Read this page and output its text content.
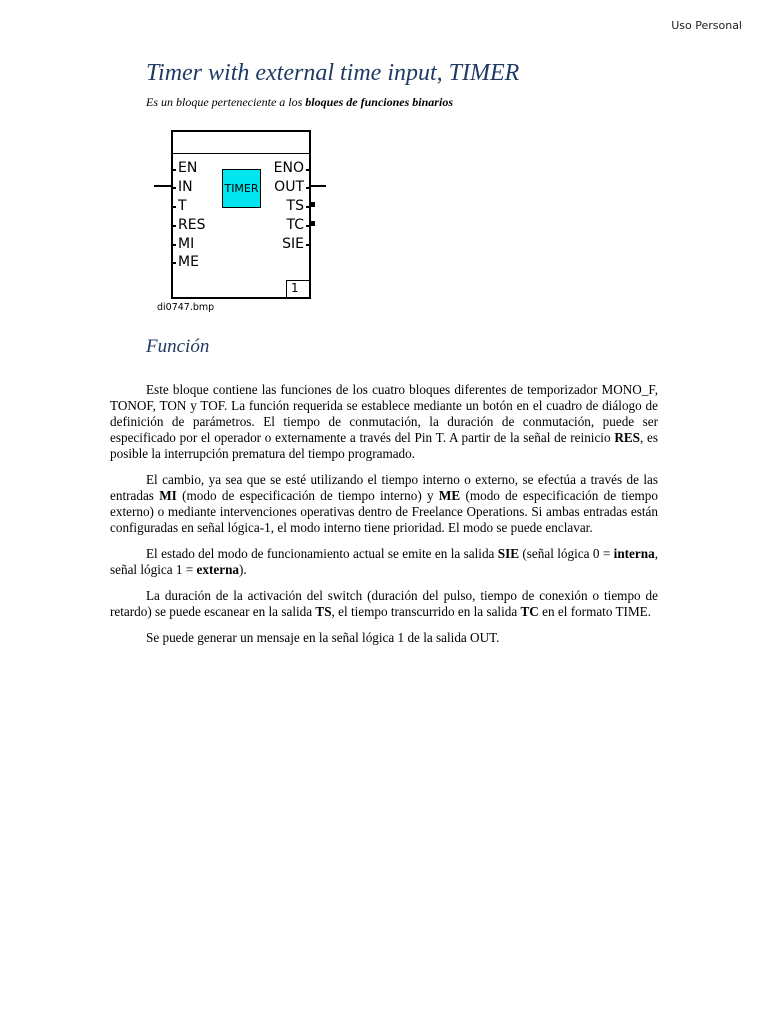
Uso Personal
Timer with external time input, TIMER
Es un bloque perteneciente a los bloques de funciones binarios
EN
IN
T
RES
MI
ME
ENO
OUT
TS
TC
SIE
TIMER
1
di0747.bmp
Función

Este bloque contiene las funciones de los cuatro bloques diferentes de temporizador MONO_F, TONOF, TON y TOF. La función requerida se establece mediante un botón en el cuadro de diálogo de definición de parámetros. El tiempo de conmutación, la duración de conmutación, puede ser especificado por el operador o externamente a través del Pin T. A partir de la señal de reinicio RES, es posible la interrupción prematura del tiempo programado.

El cambio, ya sea que se esté utilizando el tiempo interno o externo, se efectúa a través de las entradas MI (modo de especificación de tiempo interno) y ME (modo de especificación de tiempo externo) o mediante intervenciones operativas dentro de Freelance Operations. Si ambas entradas están configuradas en señal lógica-1, el modo interno tiene prioridad. El modo se puede enclavar.

El estado del modo de funcionamiento actual se emite en la salida SIE (señal lógica 0 = interna, señal lógica 1 = externa).

La duración de la activación del switch (duración del pulso, tiempo de conexión o tiempo de retardo) se puede escanear en la salida TS, el tiempo transcurrido en la salida TC en el formato TIME.

Se puede generar un mensaje en la señal lógica 1 de la salida OUT.
